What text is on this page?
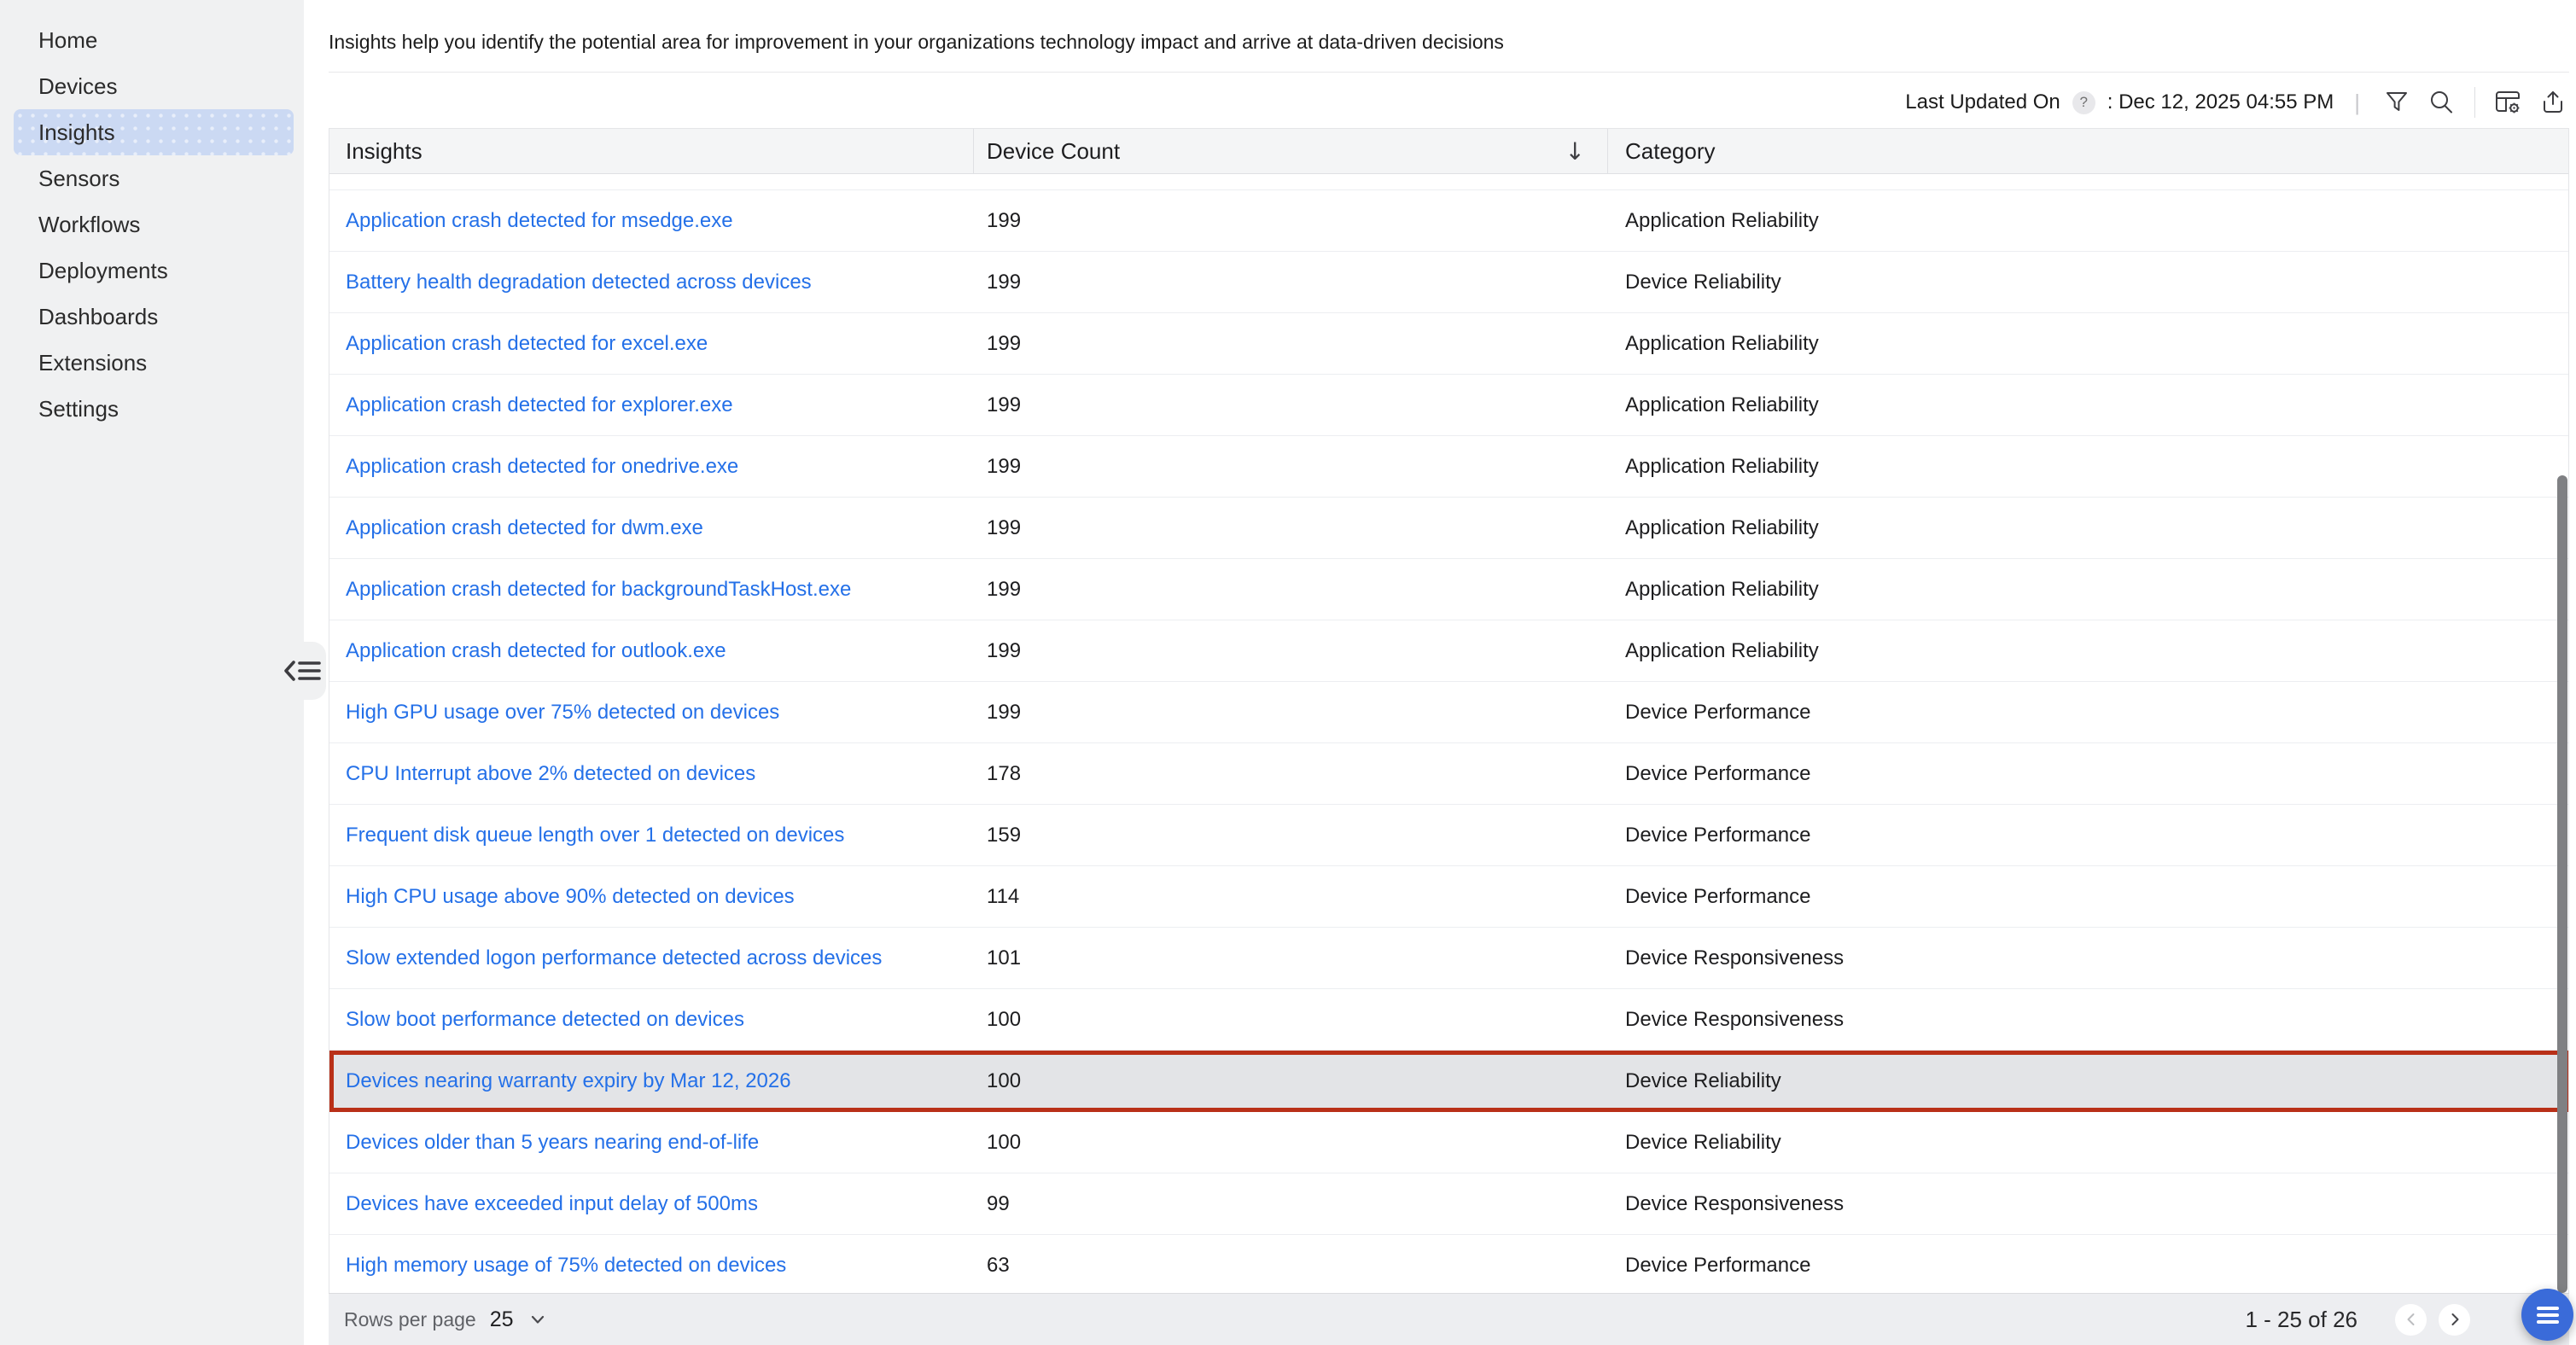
Home
Devices
Insights
Sensors
Workflows
Deployments
Dashboards
Extensions
Settings
Insights help you identify the potential area for improvement in your organizations technology impact and arrive at data-driven decisions
Last Updated On	? : Dec 12, 2025 04:55 PM |
Insights	Device Count	↓ Category
Application crash detected for msedge.exe	199	Application Reliability
Battery health degradation detected across devices	199	Device Reliability
Application crash detected for excel.exe	199	Application Reliability
Application crash detected for explorer.exe	199	Application Reliability
Application crash detected for onedrive.exe	199	Application Reliability
Application crash detected for dwm.exe	199	Application Reliability
Application crash detected for backgroundTaskHost.exe	199	Application Reliability
Application crash detected for outlook.exe	199	Application Reliability
High GPU usage over 75% detected on devices	199	Device Performance
CPU Interrupt above 2% detected on devices	178	Device Performance
Frequent disk queue length over 1 detected on devices	159	Device Performance
High CPU usage above 90% detected on devices	114	Device Performance
Slow extended logon performance detected across devices	101	Device Responsiveness
Slow boot performance detected on devices	100	Device Responsiveness
Devices nearing warranty expiry by Mar 12, 2026	100	Device Reliability
Devices older than 5 years nearing end-of-life	100	Device Reliability
Devices have exceeded input delay of 500ms	99	Device Responsiveness
High memory usage of 75% detected on devices	63	Device Performance
Rows per page 25	1 - 25 of 26
